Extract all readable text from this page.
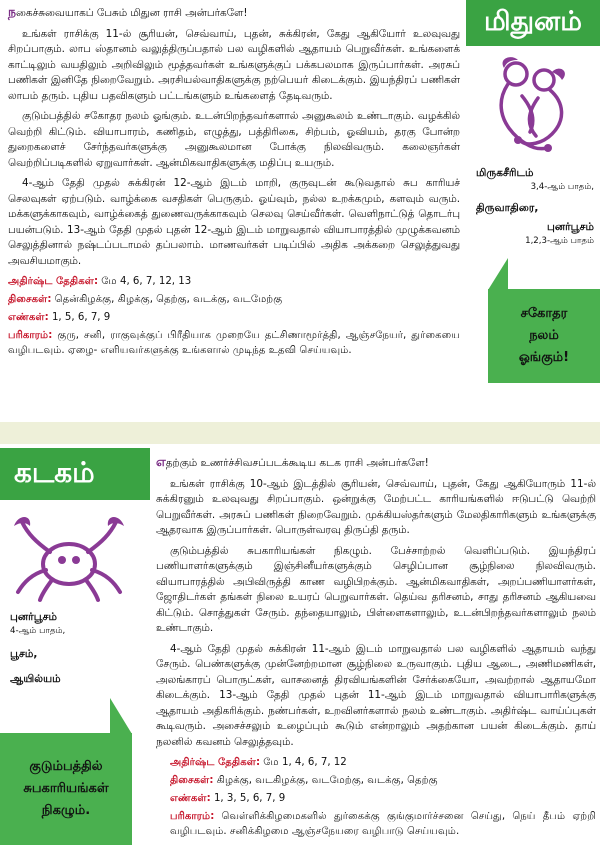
நகைச்சுவையாகப் பேசும் மிதுன ராசி அன்பர்களே!

உங்கள் ராசிக்கு 11-ல் சூரியன், செவ்வாய், புதன், சுக்கிரன், கேது ஆகியோர் உலவுவது சிறப்பாகும். லாப ஸ்தானம் வலுத்திருப்பதால் பல வழிகளில் ஆதாயம் பெறுவீர்கள். உங்களைக் காட்டிலும் வயதிலும் அறிவிலும் மூத்தவர்கள் உங்களுக்குப் பக்கபலமாக இருப்பார்கள். அரசுப் பணிகள் இனிதே நிறைவேறும். அரசியல்வாதிகளுக்கு நற்பெயர் கிடைக்கும். இயந்திரப் பணிகள் லாபம் தரும். புதிய பதவிகளும் பட்டங்களும் உங்களைத் தேடிவரும்.

குடும்பத்தில் சகோதர நலம் ஓங்கும். உடன்பிறந்தவர்களால் அனுகூலம் உண்டாகும். வழக்கில் வெற்றி கிட்டும். வியாபாரம், கணிதம், எழுத்து, பத்திரிகை, சிற்பம், ஓவியம், தரகு போன்ற துறைகளைச் சேர்ந்தவர்களுக்கு அனுகூலமான போக்கு நிலவிவரும். கலைஞர்கள் வெற்றிப்படிகளில் ஏறுவார்கள். ஆன்மிகவாதிகளுக்கு மதிப்பு உயரும்.

4-ஆம் தேதி முதல் சுக்கிரன் 12-ஆம் இடம் மாறி, குருவுடன் கூடுவதால் சுப காரியச் செலவுகள் ஏற்படும். வாழ்க்கை வசதிகள் பெருகும். ஓய்வும், நல்ல உறக்கமும், களவும் வரும். மக்களுக்காகவும், வாழ்க்கைத் துணைவருக்காகவும் செலவு செய்வீர்கள். வெளிநாட்டுத் தொடர்பு பயன்படும். 13-ஆம் தேதி முதல் புதன் 12-ஆம் இடம் மாறுவதால் வியாபாரத்தில் முழுக்கவனம் செலுத்தினால் நஷ்டப்படாமல் தப்பலாம். மாணவர்கள் படிப்பில் அதிக அக்கறை செலுத்துவது அவசியமாகும்.

அதிர்ஷ்ட தேதிகள்: மே 4, 6, 7, 12, 13
திசைகள்: தென்கிழக்கு, கிழக்கு, தெற்கு, வடக்கு, வடமேற்கு
எண்கள்: 1, 5, 6, 7, 9
பரிகாரம்: குரு, சனி, ராகுவுக்குப் பிரீதியாக முறையே தட்சிணாமூர்த்தி, ஆஞ்சநேயர், துர்கையை வழிபடவும். ஏழை- எளியவர்களுக்கு உங்களால் முடிந்த உதவி செய்யவும்.
மிதுனம்
மிருகசீரிடம்
3,4-ஆம் பாதம்,
திருவாதிரை,
புனர்பூசம்
1,2,3-ஆம் பாதம்
சகோதர
நலம்
ஓங்கும்!
கடகம்
புனர்பூசம்
4-ஆம் பாதம்,
பூசம்,
ஆயில்யம்
குடும்பத்தில்
சுபகாரியங்கள்
நிகழும்.

எதற்கும் உணர்ச்சிவசப்படக்கூடிய கடக ராசி அன்பர்களே!

உங்கள் ராசிக்கு 10-ஆம் இடத்தில் சூரியன், செவ்வாய், புதன், கேது ஆகியோரும் 11-ல் சுக்கிரனும் உலவுவது சிறப்பாகும். ஒன்றுக்கு மேற்பட்ட காரியங்களில் ஈடுபட்டு வெற்றி பெறுவீர்கள். அரசுப் பணிகள் நிறைவேறும். முக்கியஸ்தர்களும் மேலதிகாரிகளும் உங்களுக்கு ஆதரவாக இருப்பார்கள். பொருள்வரவு திருப்தி தரும்.

குடும்பத்தில் சுபகாரியங்கள் நிகழும். பேச்சாற்றல் வெளிப்படும். இயந்திரப் பணியாளர்களுக்கும் இஞ்சினீயர்களுக்கும் செழிப்பான சூழ்நிலை நிலவிவரும். வியாபாரத்தில் அபிவிருத்தி காண வழிபிறக்கும். ஆன்மிகவாதிகள், அறப்பணியாளர்கள், ஜோதிடர்கள் தங்கள் நிலை உயரப் பெறுவார்கள். தெய்வ தரிசனம், சாது தரிசனம் ஆகியவை கிட்டும். சொத்துகள் சேரும். தந்தையாலும், பிள்ளைகளாலும், உடன்பிறந்தவர்களாலும் நலம் உண்டாகும்.

4-ஆம் தேதி முதல் சுக்கிரன் 11-ஆம் இடம் மாறுவதால் பல வழிகளில் ஆதாயம் வந்து சேரும். பெண்களுக்கு முன்னேற்றமான சூழ்நிலை உருவாகும். புதிய ஆடை, அணிமணிகள், அலங்காரப் பொருட்கள், வாசனைத் திரவியங்களின் சேர்க்கையோ, அவற்றால் ஆதாயமோ கிடைக்கும். 13-ஆம் தேதி முதல் புதன் 11-ஆம் இடம் மாறுவதால் வியாபாரிகளுக்கு ஆதாயம் அதிகரிக்கும். நண்பர்கள், உறவினர்களால் நலம் உண்டாகும். அதிர்ஷ்ட வாய்ப்புகள் கூடிவரும். அசைச்சலும் உழைப்பும் கூடும் என்றாலும் அதற்கான பயன் கிடைக்கும். தாய் நலனில் கவனம் செலுத்தவும்.

அதிர்ஷ்ட தேதிகள்: மே 1, 4, 6, 7, 12
திசைகள்: கிழக்கு, வடகிழக்கு, வடமேற்கு, வடக்கு, தெற்கு
எண்கள்: 1, 3, 5, 6, 7, 9
பரிகாரம்: வெள்ளிக்கிழமைகளில் துர்கைக்கு குங்குமார்ச்சனை செய்து, நெய் தீபம் ஏற்றி வழிபடவும். சனிக்கிழமை ஆஞ்சநேயரை வழிபாடு செய்யவும்.
